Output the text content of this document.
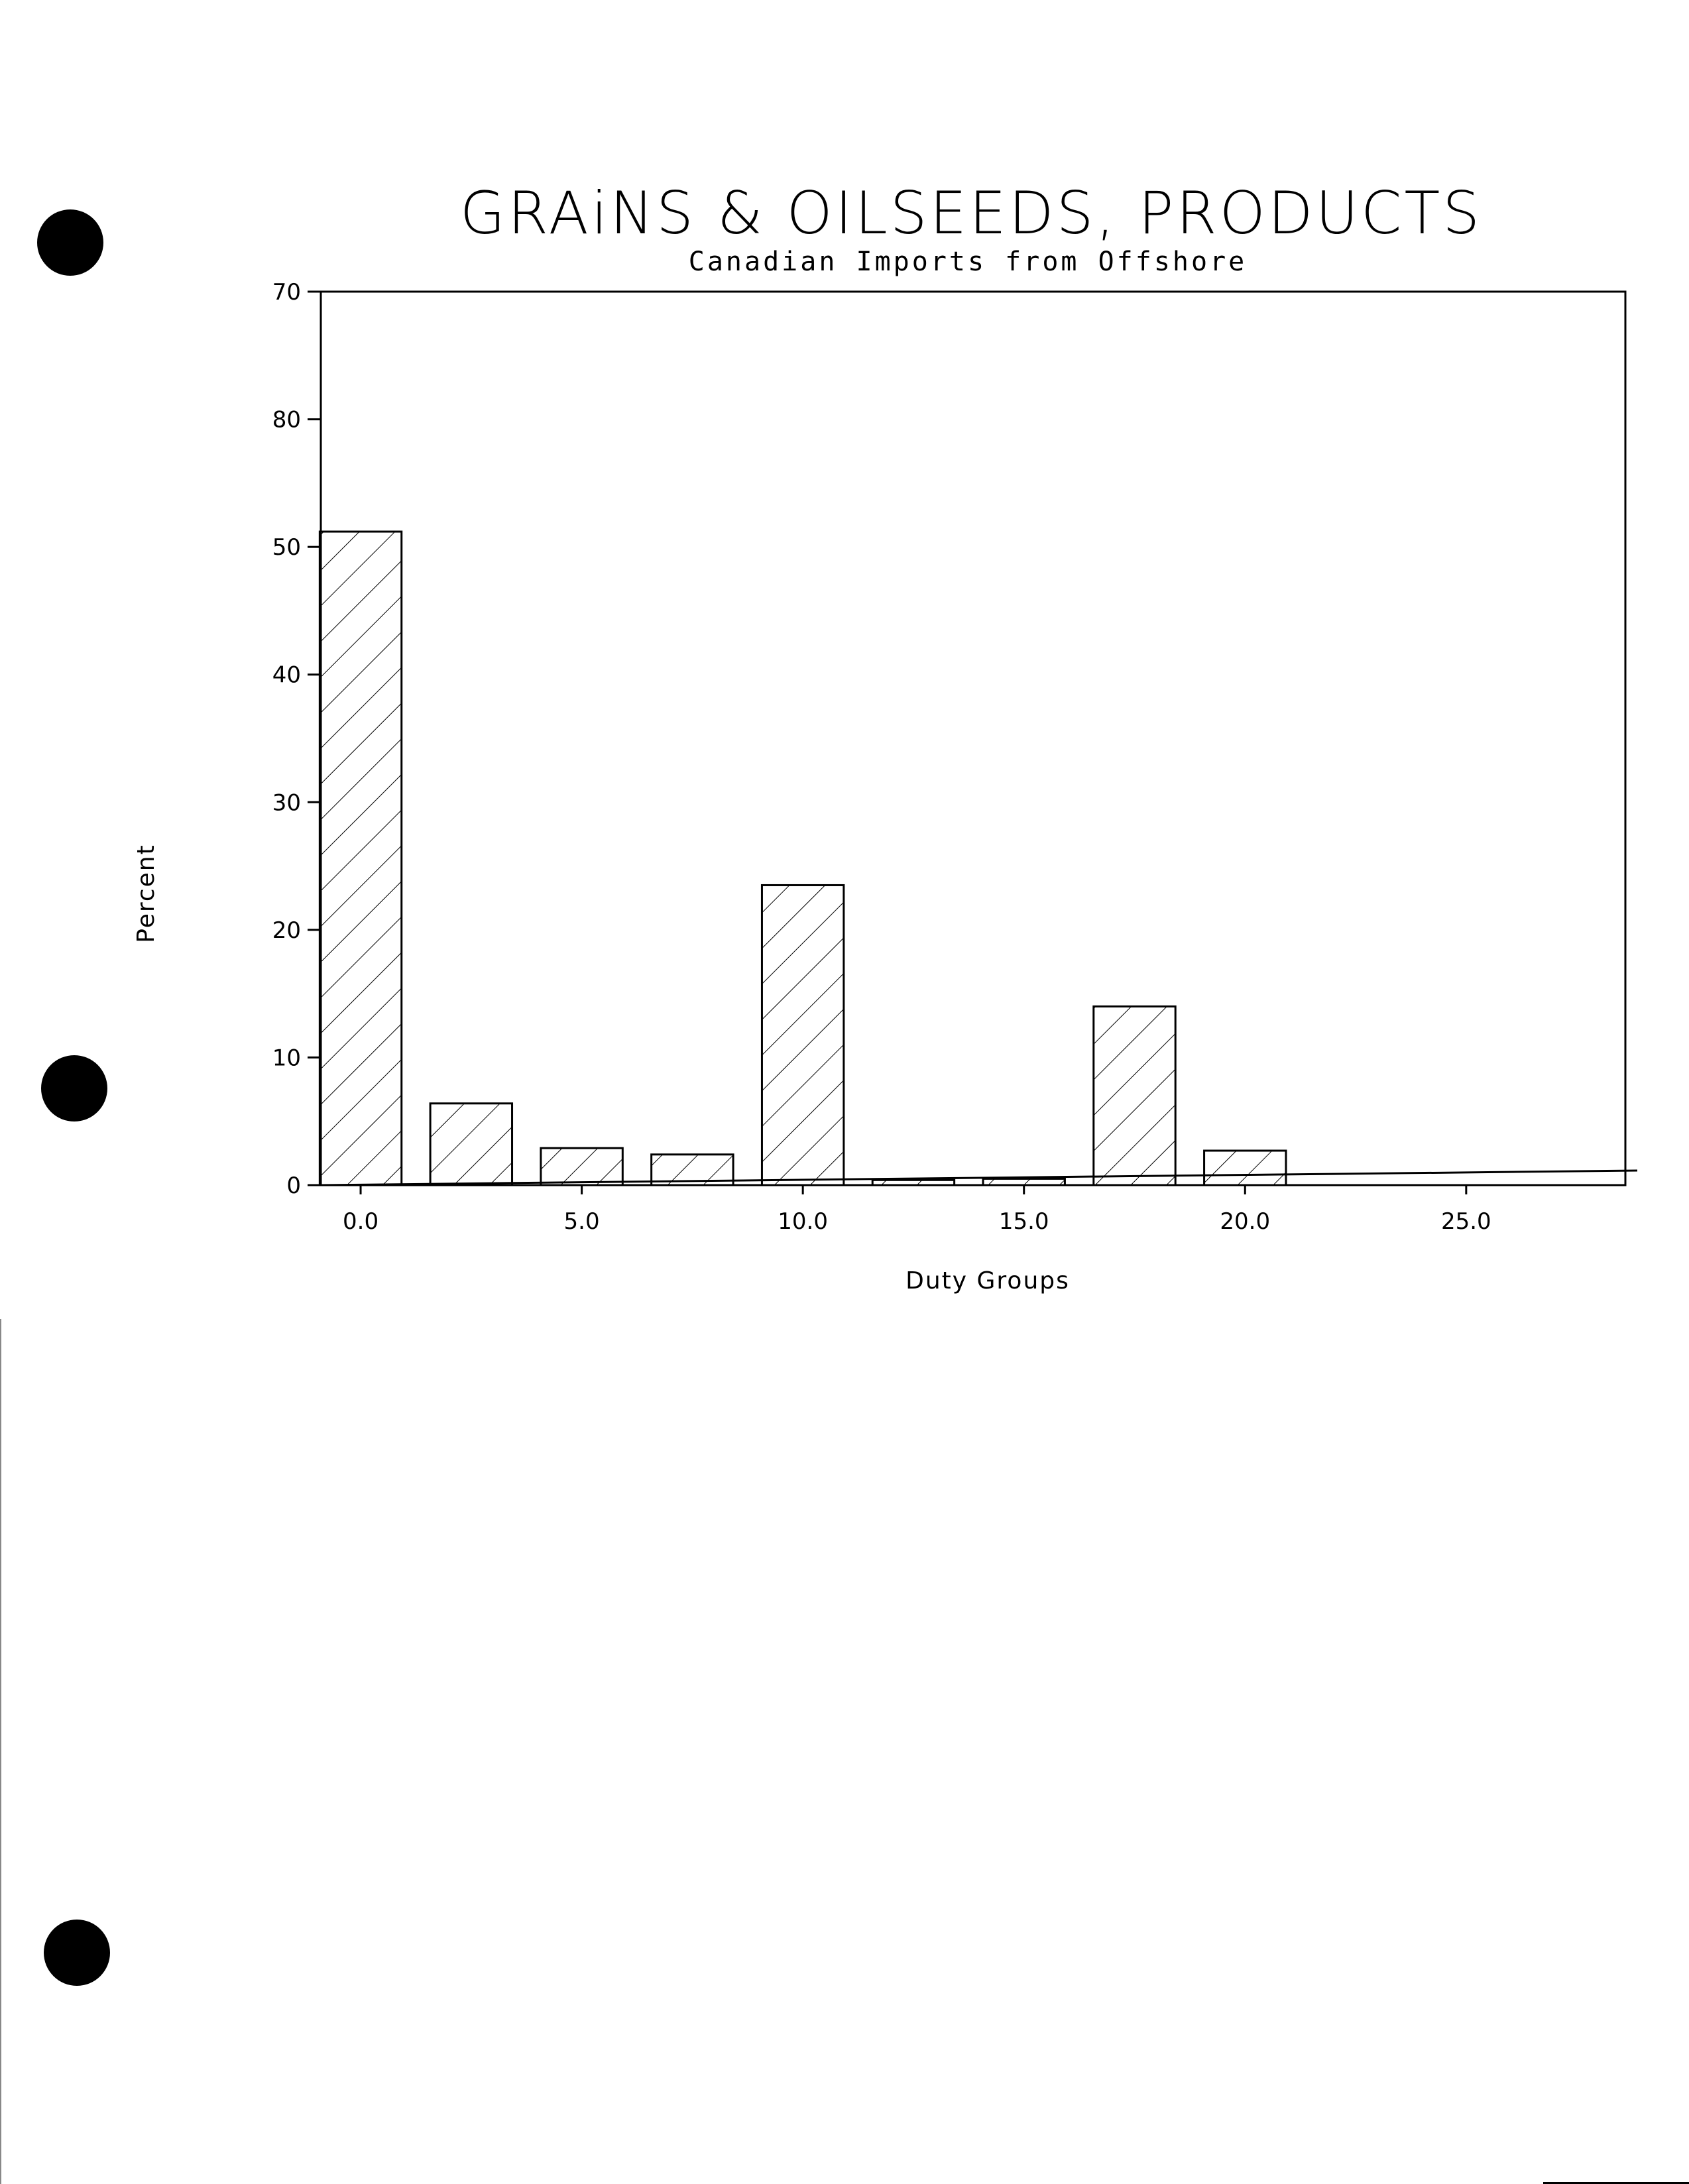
GRAiNS & OILSEEDS, PRODUCTS
Canadian Imports from Offshore
0
10
20
30
40
50
80
70
0.0	5.0	10.0	15.0	20.0	25.0
Percent
Duty Groups
